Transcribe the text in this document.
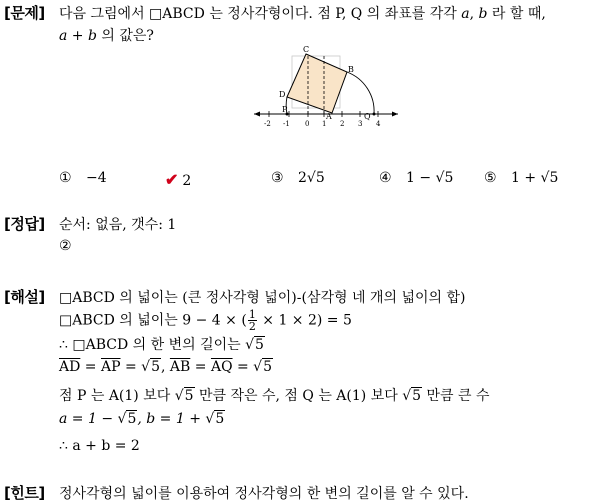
[문제]
[정답]
[해설]
[힌트]
다음 그림에서 □ABCD 는 정사각형이다. 점 P, Q 의 좌표를 각각 a, b 라 할 때,
a + b 의 값은?
C
B
D
P
A	Q
-2 -1 0 1 2 3 4
① −4	✔ 2	③ 2√5	④ 1 − √5 ⑤ 1 + √5
순서: 없음, 갯수: 1
②
□ABCD 의 넓이는 (큰 정사각형 넓이)-(삼각형 네 개의 넓이의 합)
□ABCD 의 넓이는 9 − 4 × ( $\frac{1}{2} \times 1 \times 2) = 5$
∴ □ABCD 의 한 변의 길이는 √5
$\overline{AD} = \overline{AP} = √5$, $\overline{AB} = \overline{AQ} = √5$
점 P 는 A(1) 보다 √5 만큼 작은 수, 점 Q 는 A(1) 보다 √5 만큼 큰 수
a = 1 − √5, b = 1 + √5
∴ a + b = 2
정사각형의 넓이를 이용하여 정사각형의 한 변의 길이를 알 수 있다.
